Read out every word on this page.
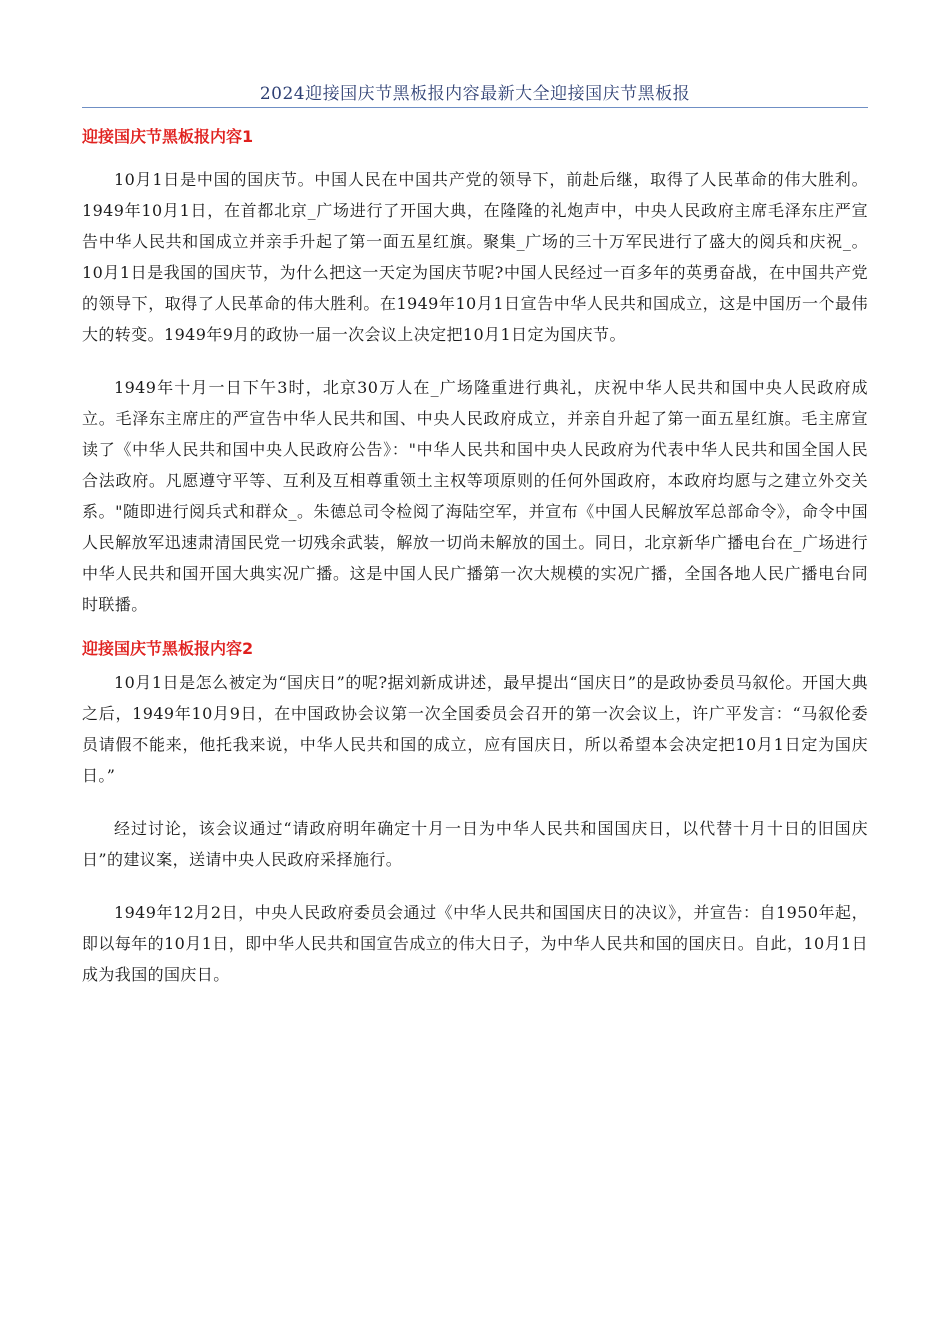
2024迎接国庆节黑板报内容最新大全迎接国庆节黑板报
迎接国庆节黑板报内容1

10月1日是中国的国庆节。中国人民在中国共产党的领导下，前赴后继，取得了人民革命的伟大胜利。1949年10月1日，在首都北京_广场进行了开国大典，在隆隆的礼炮声中，中央人民政府主席毛泽东庄严宣告中华人民共和国成立并亲手升起了第一面五星红旗。聚集_广场的三十万军民进行了盛大的阅兵和庆祝_。10月1日是我国的国庆节，为什么把这一天定为国庆节呢?中国人民经过一百多年的英勇奋战，在中国共产党的领导下，取得了人民革命的伟大胜利。在1949年10月1日宣告中华人民共和国成立，这是中国历一个最伟大的转变。1949年9月的政协一届一次会议上决定把10月1日定为国庆节。

1949年十月一日下午3时，北京30万人在_广场隆重进行典礼，庆祝中华人民共和国中央人民政府成立。毛泽东主席庄的严宣告中华人民共和国、中央人民政府成立，并亲自升起了第一面五星红旗。毛主席宣读了《中华人民共和国中央人民政府公告》："中华人民共和国中央人民政府为代表中华人民共和国全国人民合法政府。凡愿遵守平等、互利及互相尊重领土主权等项原则的任何外国政府，本政府均愿与之建立外交关系。"随即进行阅兵式和群众_。朱德总司令检阅了海陆空军，并宣布《中国人民解放军总部命令》，命令中国人民解放军迅速肃清国民党一切残余武装，解放一切尚未解放的国土。同日，北京新华广播电台在_广场进行中华人民共和国开国大典实况广播。这是中国人民广播第一次大规模的实况广播，全国各地人民广播电台同时联播。

迎接国庆节黑板报内容2

10月1日是怎么被定为“国庆日”的呢?据刘新成讲述，最早提出“国庆日”的是政协委员马叙伦。开国大典之后，1949年10月9日，在中国政协会议第一次全国委员会召开的第一次会议上，许广平发言：“马叙伦委员请假不能来，他托我来说，中华人民共和国的成立，应有国庆日，所以希望本会决定把10月1日定为国庆日。”

经过讨论，该会议通过“请政府明年确定十月一日为中华人民共和国国庆日，以代替十月十日的旧国庆日”的建议案，送请中央人民政府采择施行。

1949年12月2日，中央人民政府委员会通过《中华人民共和国国庆日的决议》，并宣告：自1950年起，即以每年的10月1日，即中华人民共和国宣告成立的伟大日子，为中华人民共和国的国庆日。自此，10月1日成为我国的国庆日。
